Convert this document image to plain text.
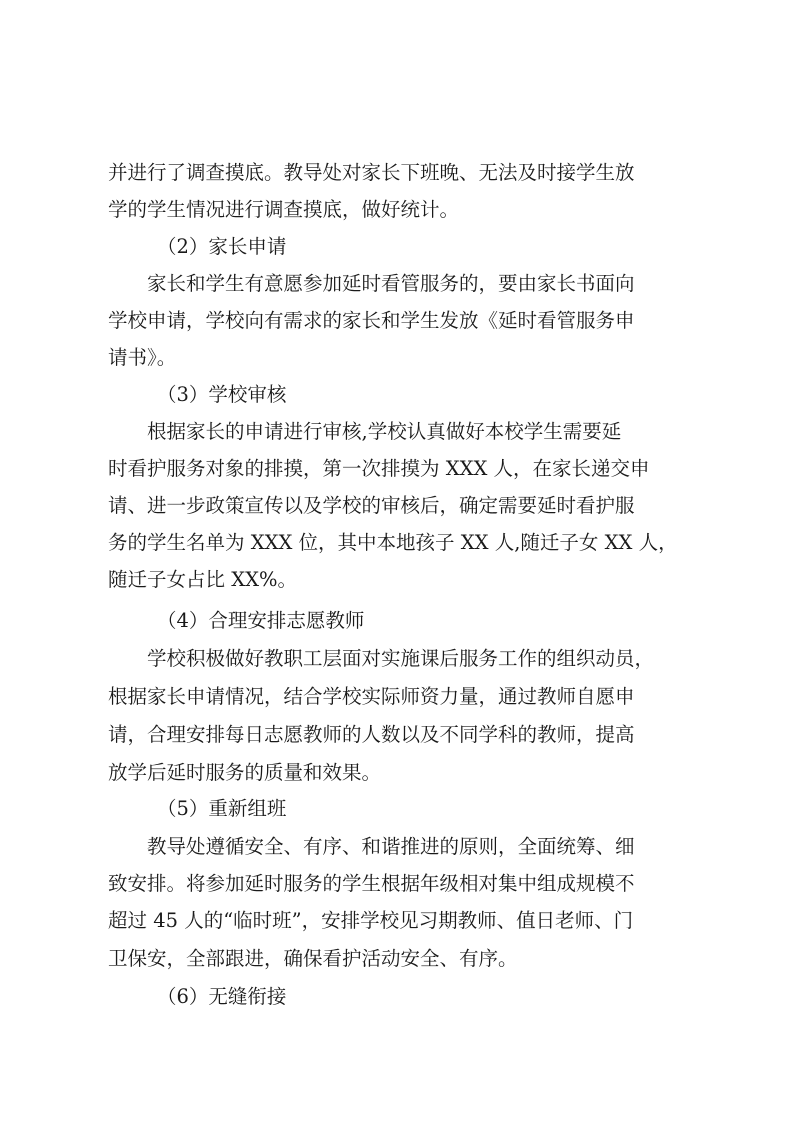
并进行了调查摸底。教导处对家长下班晚、无法及时接学生放
学的学生情况进行调查摸底，做好统计。
（2）家长申请
家长和学生有意愿参加延时看管服务的，要由家长书面向
学校申请，学校向有需求的家长和学生发放《延时看管服务申
请书》。
（3）学校审核
根据家长的申请进行审核,学校认真做好本校学生需要延
时看护服务对象的排摸，第一次排摸为 XXX 人，在家长递交申
请、进一步政策宣传以及学校的审核后，确定需要延时看护服
务的学生名单为 XXX 位，其中本地孩子 XX 人,随迁子女 XX 人，
随迁子女占比 XX%。
（4）合理安排志愿教师
学校积极做好教职工层面对实施课后服务工作的组织动员，
根据家长申请情况，结合学校实际师资力量，通过教师自愿申
请，合理安排每日志愿教师的人数以及不同学科的教师，提高
放学后延时服务的质量和效果。
（5）重新组班
教导处遵循安全、有序、和谐推进的原则，全面统筹、细
致安排。将参加延时服务的学生根据年级相对集中组成规模不
超过 45 人的“临时班”，安排学校见习期教师、值日老师、门
卫保安，全部跟进，确保看护活动安全、有序。
（6）无缝衔接
